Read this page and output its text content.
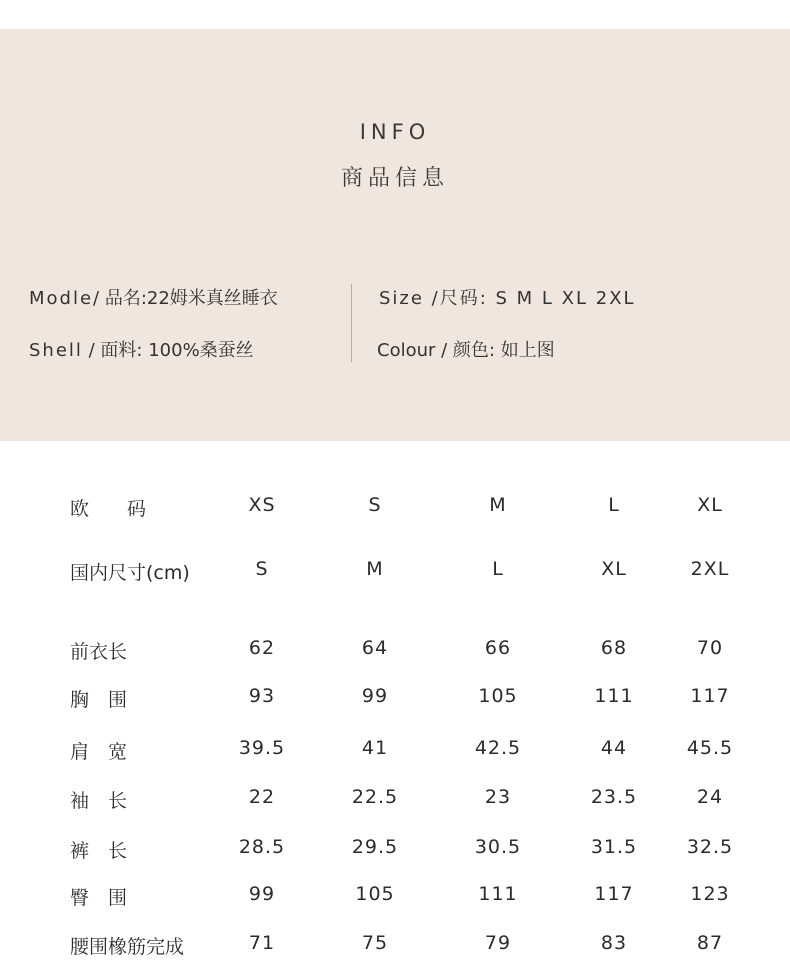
INFO
商品信息
Modle/ 品名:22姆米真丝睡衣
Shell / 面料: 100%桑蚕丝
Size /尺码: S M L XL 2XL
Colour / 颜色: 如上图
欧　　码	XS	S	M	L	XL
国内尺寸(cm)	S	M	L	XL	2XL
前衣长	62	64	66	68	70
胸　围	93	99	105	111	117
肩　宽	39.5	41	42.5	44	45.5
袖　长	22	22.5	23	23.5	24
裤　长	28.5	29.5	30.5	31.5	32.5
臀　围	99	105	111	117	123
腰围橡筋完成	71	75	79	83	87
